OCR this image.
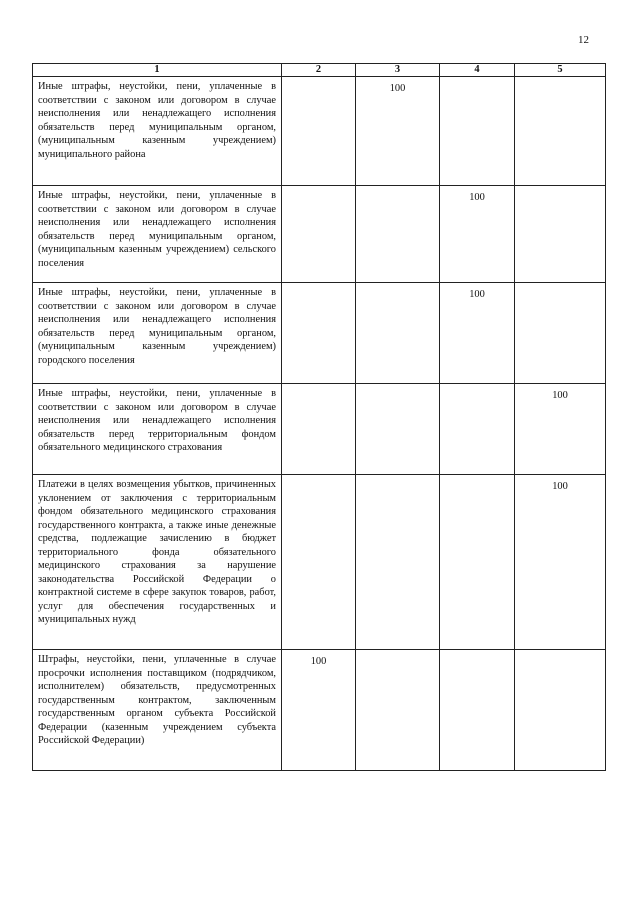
12
1	2	3	4	5
Иные штрафы, неустойки, пени, уплаченные в соответствии с законом или договором в случае неисполнения или ненадлежащего исполнения обязательств перед муниципальным органом, (муниципальным казенным учреждением) муниципального района		100		
Иные штрафы, неустойки, пени, уплаченные в соответствии с законом или договором в случае неисполнения или ненадлежащего исполнения обязательств перед муниципальным органом, (муниципальным казенным учреждением) сельского поселения			100	
Иные штрафы, неустойки, пени, уплаченные в соответствии с законом или договором в случае неисполнения или ненадлежащего исполнения обязательств перед муниципальным органом, (муниципальным казенным учреждением) городского поселения			100	
Иные штрафы, неустойки, пени, уплаченные в соответствии с законом или договором в случае неисполнения или ненадлежащего исполнения обязательств перед территориальным фондом обязательного медицинского страхования				100
Платежи в целях возмещения убытков, причиненных уклонением от заключения с территориальным фондом обязательного медицинского страхования государственного контракта, а также иные денежные средства, подлежащие зачислению в бюджет территориального фонда обязательного медицинского страхования за нарушение законодательства Российской Федерации о контрактной системе в сфере закупок товаров, работ, услуг для обеспечения государственных и муниципальных нужд				100
Штрафы, неустойки, пени, уплаченные в случае просрочки исполнения поставщиком (подрядчиком, исполнителем) обязательств, предусмотренных государственным контрактом, заключенным государственным органом субъекта Российской Федерации (казенным учреждением субъекта Российской Федерации)	100			
